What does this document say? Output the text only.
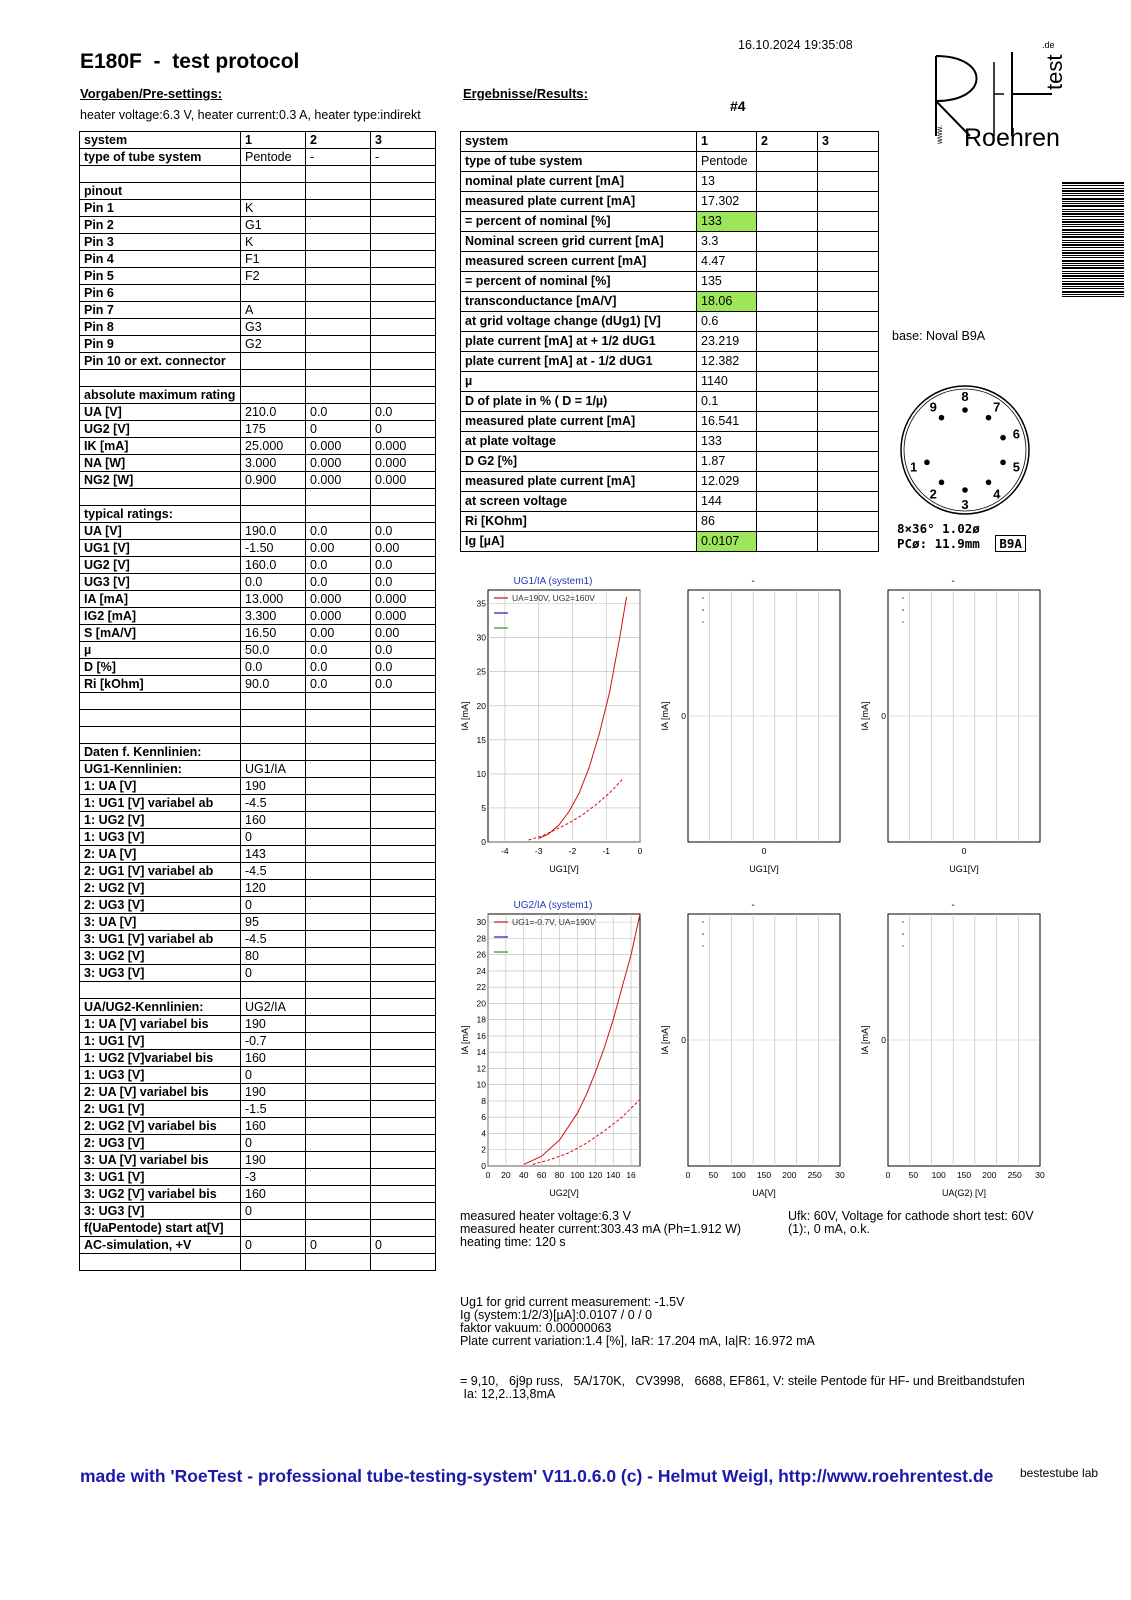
E180F  -  test protocol
16.10.2024 19:35:08
Vorgaben/Pre-settings:
heater voltage:6.3 V, heater current:0.3 A, heater type:indirekt
Ergebnisse/Results:
#4
www.
test
.de
Roehren
system	1	2	3
type of tube system	Pentode	-	-

pinout			
Pin 1	K		
Pin 2	G1		
Pin 3	K		
Pin 4	F1		
Pin 5	F2		
Pin 6			
Pin 7	A		
Pin 8	G3		
Pin 9	G2		
Pin 10 or ext. connector			

absolute maximum rating			
UA [V]	210.0	0.0	0.0
UG2 [V]	175	0	0
IK [mA]	25.000	0.000	0.000
NA [W]	3.000	0.000	0.000
NG2 [W]	0.900	0.000	0.000

typical ratings:			
UA [V]	190.0	0.0	0.0
UG1 [V]	-1.50	0.00	0.00
UG2 [V]	160.0	0.0	0.0
UG3 [V]	0.0	0.0	0.0
IA [mA]	13.000	0.000	0.000
IG2 [mA]	3.300	0.000	0.000
S [mA/V]	16.50	0.00	0.00
µ	50.0	0.0	0.0
D [%]	0.0	0.0	0.0
Ri [kOhm]	90.0	0.0	0.0

Daten f. Kennlinien:			
UG1-Kennlinien:	UG1/IA		
1: UA [V]	190		
1: UG1 [V] variabel ab	-4.5		
1: UG2 [V]	160		
1: UG3 [V]	0		
2: UA [V]	143		
2: UG1 [V] variabel ab	-4.5		
2: UG2 [V]	120		
2: UG3 [V]	0		
3: UA [V]	95		
3: UG1 [V] variabel ab	-4.5		
3: UG2 [V]	80		
3: UG3 [V]	0		

UA/UG2-Kennlinien:	UG2/IA		
1: UA [V] variabel bis	190		
1: UG1 [V]	-0.7		
1: UG2 [V]variabel bis	160		
1: UG3 [V]	0		
2: UA [V] variabel bis	190		
2: UG1 [V]	-1.5		
2: UG2 [V] variabel bis	160		
2: UG3 [V]	0		
3: UA [V] variabel bis	190		
3: UG1 [V]	-3		
3: UG2 [V] variabel bis	160		
3: UG3 [V]	0		
f(UaPentode) start at[V]			
AC-simulation, +V	0	0	0

system	1	2	3
type of tube system	Pentode		
nominal plate current [mA]	13		
measured plate current [mA]	17.302		
= percent of nominal [%]	133		
Nominal screen grid current [mA]	3.3		
measured screen current [mA]	4.47		
= percent of nominal [%]	135		
transconductance [mA/V]	18.06		
at grid voltage change (dUg1) [V]	0.6		
plate current [mA] at + 1/2 dUG1	23.219		
plate current [mA] at - 1/2 dUG1	12.382		
µ	1140		
D of plate in % ( D = 1/µ)	0.1		
measured plate current [mA]	16.541		
at plate voltage	133		
D G2 [%]	1.87		
measured plate current [mA]	12.029		
at screen voltage	144		
Ri [KOhm]	86		
Ig [µA]	0.0107		
base: Noval B9A
1
2
3
4
5
6
7
8
9
8×36° 1.02ø
PCø: 11.9mm B9A
UG1/IA (system1)
UG1[V]
IA [mA]
-4	-3	-2	-1	0
0
5
10
15
20
25
30
35
UA=190V, UG2=160V
UG2/IA (system1)
UG2[V]
IA [mA]
0 20 40 60 80 100 120 140 16
0
2
4
6
8
10
12
14
16
18
20
22
24
26
28
30	UG1=-0.7V, UA=190V
-
UG1[V]
IA [mA] 0
0
-
UG1[V]
IA [mA] 0
0
-
UA[V]
IA [mA] 0
0 50 100 150 200 250 30
-
UA(G2) [V]
IA [mA] 0
0 50 100 150 200 250 30
measured heater voltage:6.3 V
measured heater current:303.43 mA (Ph=1.912 W)
heating time: 120 s
Ufk: 60V, Voltage for cathode short test: 60V
(1):, 0 mA, o.k.
Ug1 for grid current measurement: -1.5V
Ig (system:1/2/3)[µA]:0.0107 / 0 / 0
faktor vakuum: 0.00000063
Plate current variation:1.4 [%], IaR: 17.204 mA, Ia|R: 16.972 mA
= 9,10,   6j9p russ,   5A/170K,   CV3998,   6688, EF861, V: steile Pentode für HF- und Breitbandstufen
Ia: 12,2..13,8mA
made with 'RoeTest - professional tube-testing-system' V11.0.6.0 (c) - Helmut Weigl, http://www.roehrentest.de bestestube lab
